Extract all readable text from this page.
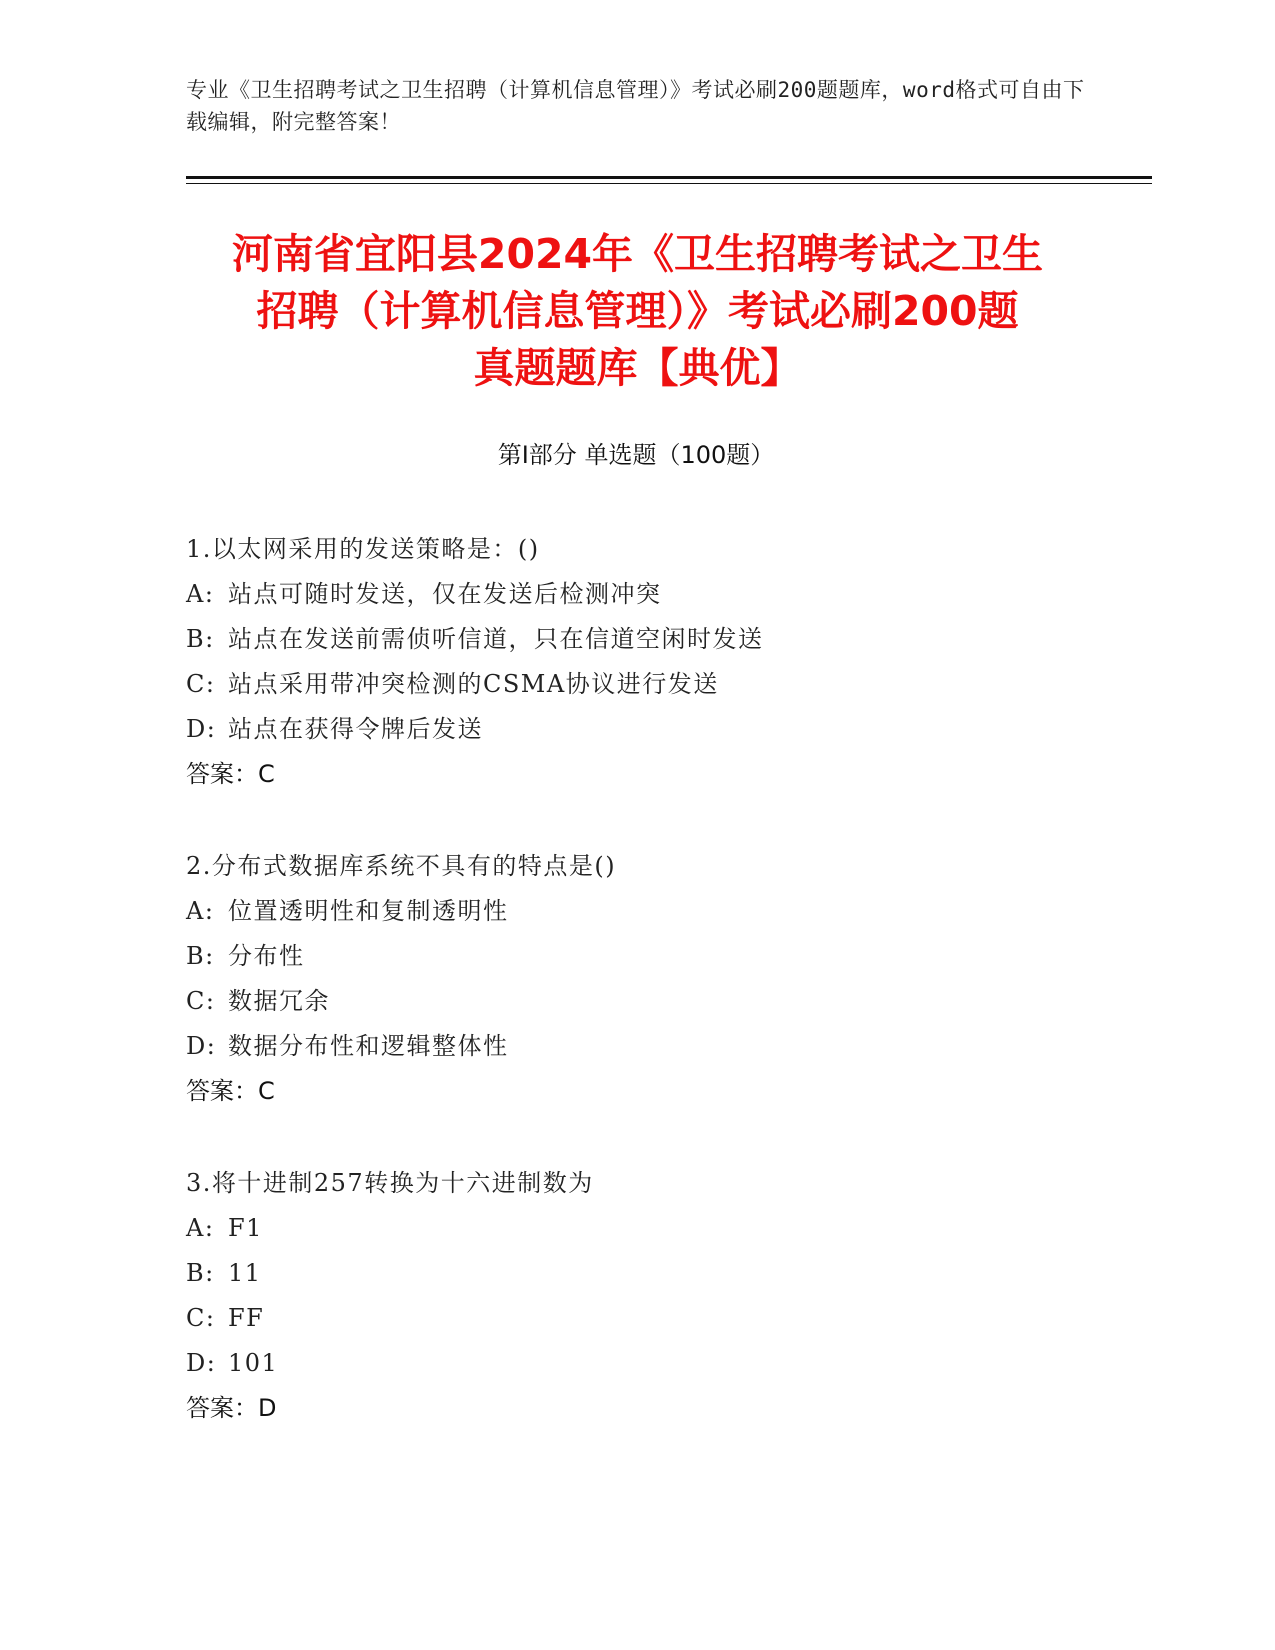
专业《卫生招聘考试之卫生招聘（计算机信息管理）》考试必刷200题题库，word格式可自由下载编辑，附完整答案！
河南省宜阳县2024年《卫生招聘考试之卫生
招聘（计算机信息管理）》考试必刷200题
真题题库【典优】
第I部分 单选题（100题）
1.以太网采用的发送策略是：()
A: 站点可随时发送，仅在发送后检测冲突
B: 站点在发送前需侦听信道，只在信道空闲时发送
C: 站点采用带冲突检测的CSMA协议进行发送
D: 站点在获得令牌后发送
答案：C
2.分布式数据库系统不具有的特点是()
A: 位置透明性和复制透明性
B: 分布性
C: 数据冗余
D: 数据分布性和逻辑整体性
答案：C
3.将十进制257转换为十六进制数为
A: F1
B: 11
C: FF
D: 101
答案：D
